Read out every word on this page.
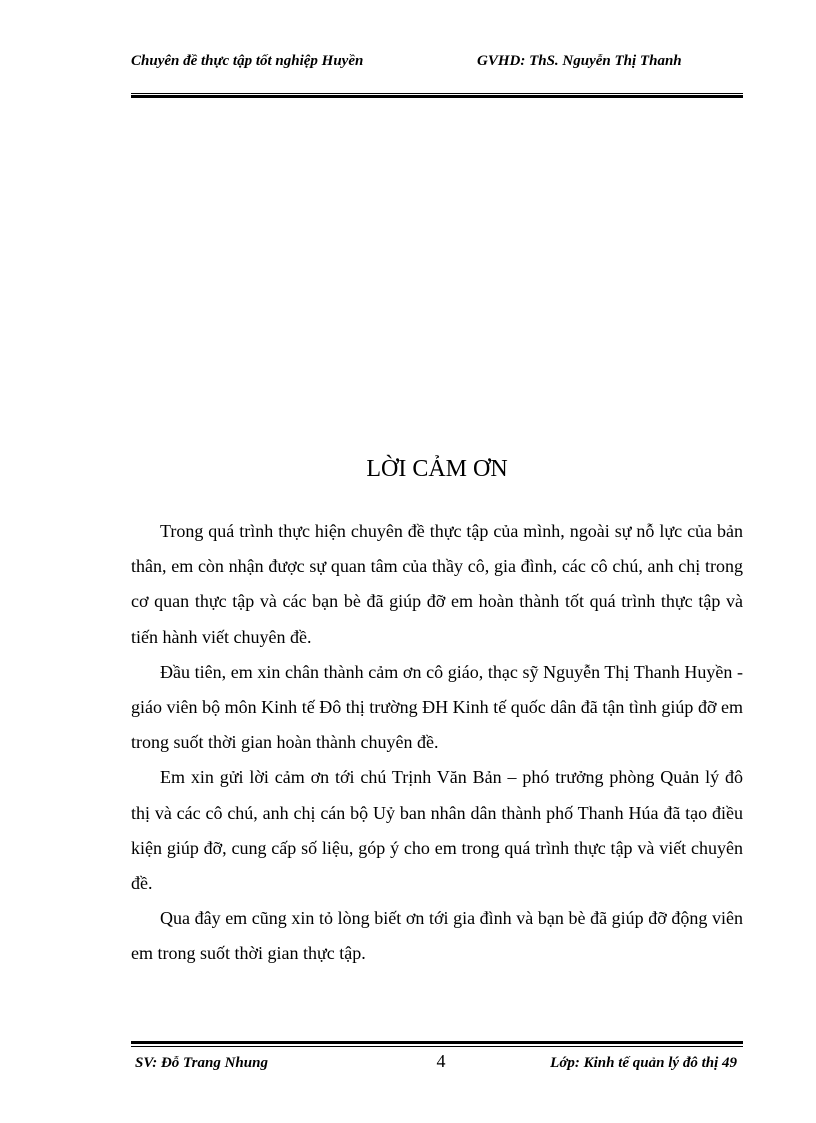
Chuyên đề thực tập tốt nghiệp Huyền	GVHD: ThS. Nguyễn Thị Thanh
LỜI CẢM ƠN

Trong quá trình thực hiện chuyên đề thực tập của mình, ngoài sự nỗ lực của bản thân, em còn nhận được sự quan tâm của thầy cô, gia đình, các cô chú, anh chị trong cơ quan thực tập và các bạn bè đã giúp đỡ em hoàn thành tốt quá trình thực tập và tiến hành viết chuyên đề.

Đầu tiên, em xin chân thành cảm ơn cô giáo, thạc sỹ Nguyễn Thị Thanh Huyền - giáo viên bộ môn Kinh tế Đô thị trường ĐH Kinh tế quốc dân đã tận tình giúp đỡ em trong suốt thời gian hoàn thành chuyên đề.

Em xin gửi lời cảm ơn tới chú Trịnh Văn Bản – phó trưởng phòng Quản lý đô thị và các cô chú, anh chị cán bộ Uỷ ban nhân dân thành phố Thanh Húa đã tạo điều kiện giúp đỡ, cung cấp số liệu, góp ý cho em trong quá trình thực tập và viết chuyên đề.

Qua đây em cũng xin tỏ lòng biết ơn tới gia đình và bạn bè đã giúp đỡ động viên em trong suốt thời gian thực tập.

SV: Đỗ Trang Nhung	4	Lớp: Kinh tế quản lý đô thị 49
